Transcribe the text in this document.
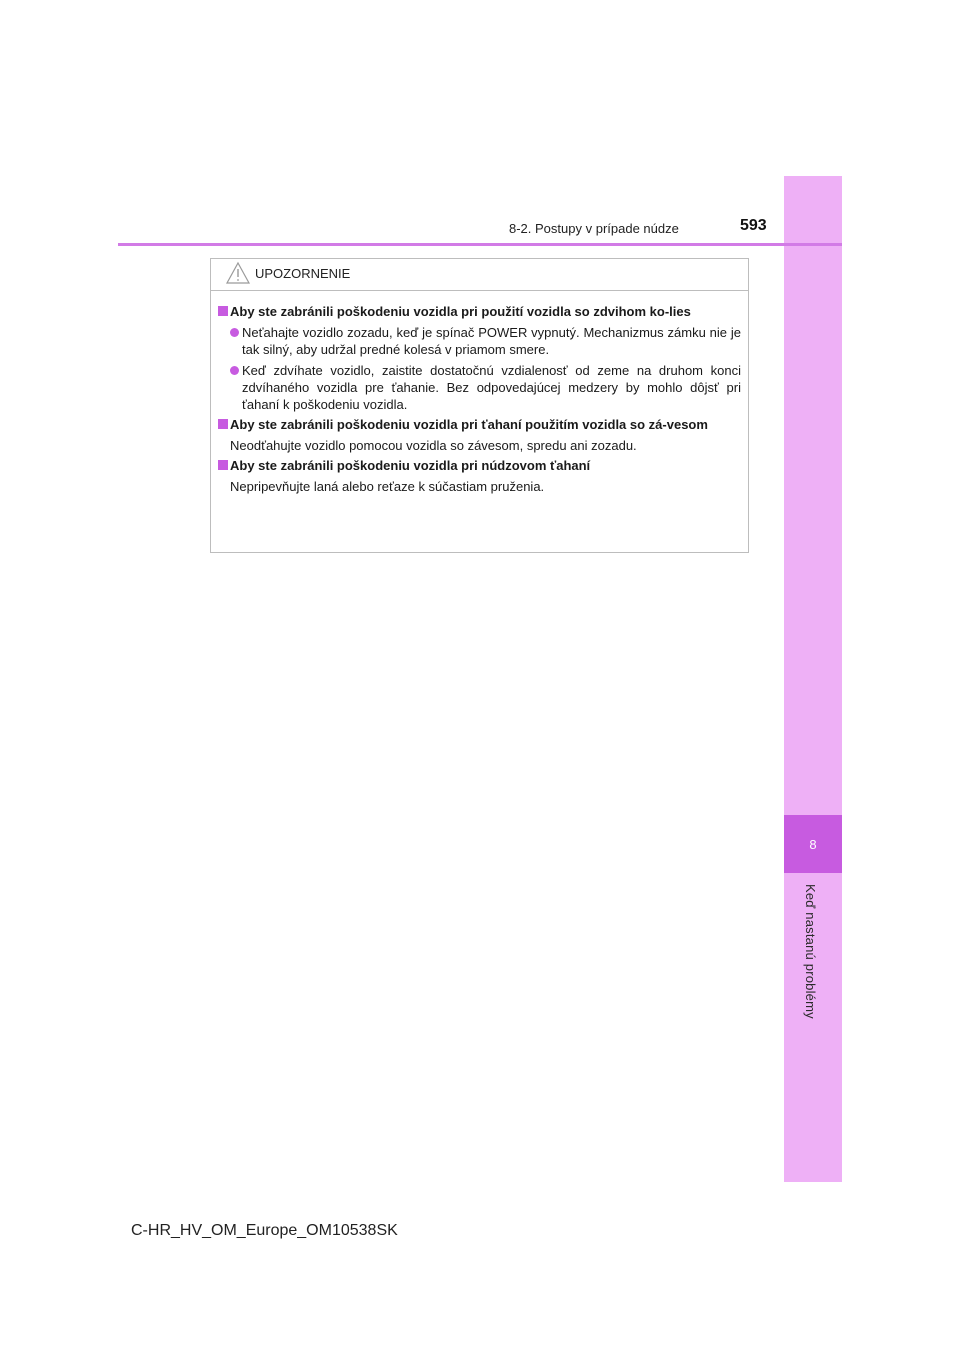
8
Keď nastanú problémy
8-2. Postupy v prípade núdze	593
UPOZORNENIE
Aby ste zabránili poškodeniu vozidla pri použití vozidla so zdvihom ko-lies
Neťahajte vozidlo zozadu, keď je spínač POWER vypnutý. Mechanizmus zámku nie je tak silný, aby udržal predné kolesá v priamom smere.
Keď zdvíhate vozidlo, zaistite dostatočnú vzdialenosť od zeme na druhom konci zdvíhaného vozidla pre ťahanie. Bez odpovedajúcej medzery by mohlo dôjsť pri ťahaní k poškodeniu vozidla.
Aby ste zabránili poškodeniu vozidla pri ťahaní použitím vozidla so zá-vesom
Neodťahujte vozidlo pomocou vozidla so závesom, spredu ani zozadu.
Aby ste zabránili poškodeniu vozidla pri núdzovom ťahaní
Nepripevňujte laná alebo reťaze k súčastiam pruženia.
C-HR_HV_OM_Europe_OM10538SK
